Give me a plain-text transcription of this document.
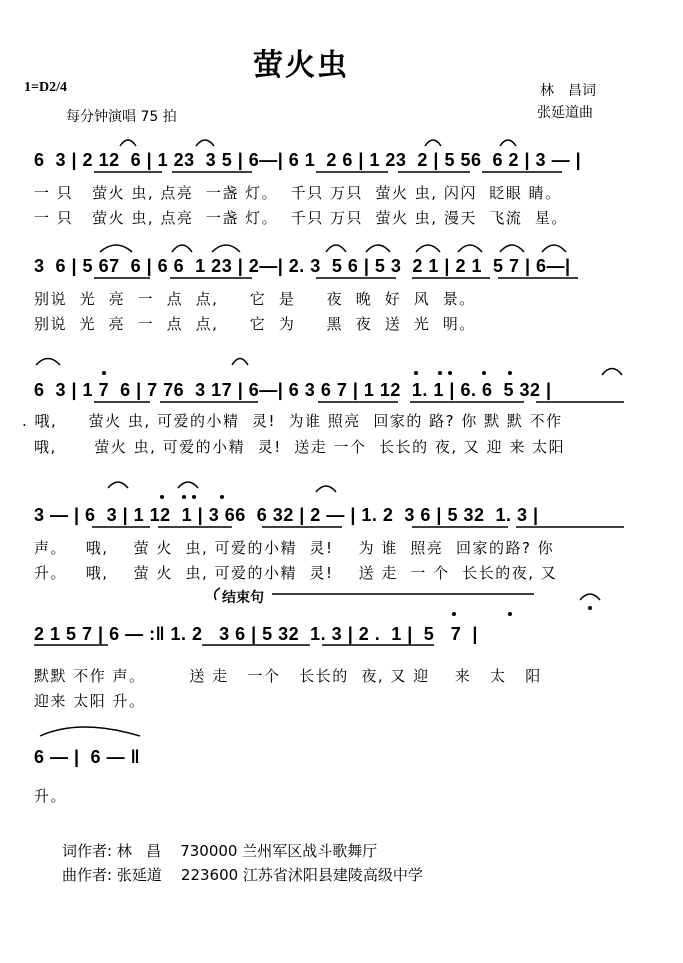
萤火虫
1=D2/4
每分钟演唱 75 拍
林　昌词
张延道曲
6  3 | 2 12  6 | 1 23  3 5 | 6—| 6 1  2 6 | 1 23  2 | 5 56  6 2 | 3 — |
一 只   萤火 虫, 点亮  一盏 灯。  千只 万只  萤火 虫, 闪闪  眨眼 睛。
一 只   萤火 虫, 点亮  一盏 灯。  千只 万只  萤火 虫, 漫天  飞流  星。
3  6 | 5 67  6 | 6 6  1 23 | 2—| 2. 3  5 6 | 5 3  2 1 | 2 1  5 7 | 6—|
别说  光  亮  一  点  点,     它  是     夜  晚  好  风  景。
别说  光  亮  一  点  点,     它  为     黑  夜  送  光  明。
6  3 | 1 7  6 | 7 76  3 17 | 6—| 6 3 6 7 | 1 12  1. 1 | 6. 6  5 32 |
. 哦,     萤火 虫, 可爱的小精  灵!  为谁 照亮  回家的 路? 你 默 默 不作
哦,      萤火 虫, 可爱的小精  灵!  送走 一个  长长的 夜, 又 迎 来 太阳
3 — | 6  3 | 1 12  1 | 3 66  6 32 | 2 — | 1. 2  3 6 | 5 32  1. 3 |
声。   哦,    萤 火  虫, 可爱的小精  灵!    为 谁  照亮  回家的路? 你
升。   哦,    萤 火  虫, 可爱的小精  灵!    送 走  一 个  长长的夜, 又
结束句
2 1 5 7 | 6 — :‖ 1. 2   3 6 | 5 32  1. 3 | 2 .  1 |  5   7  |
默默 不作 声。       送 走   一个   长长的  夜, 又 迎    来   太   阳
迎来 太阳 升。
6 — |  6 — ‖
升。
词作者: 林   昌    730000 兰州军区战斗歌舞厅
曲作者: 张延道    223600 江苏省沭阳县建陵高级中学
